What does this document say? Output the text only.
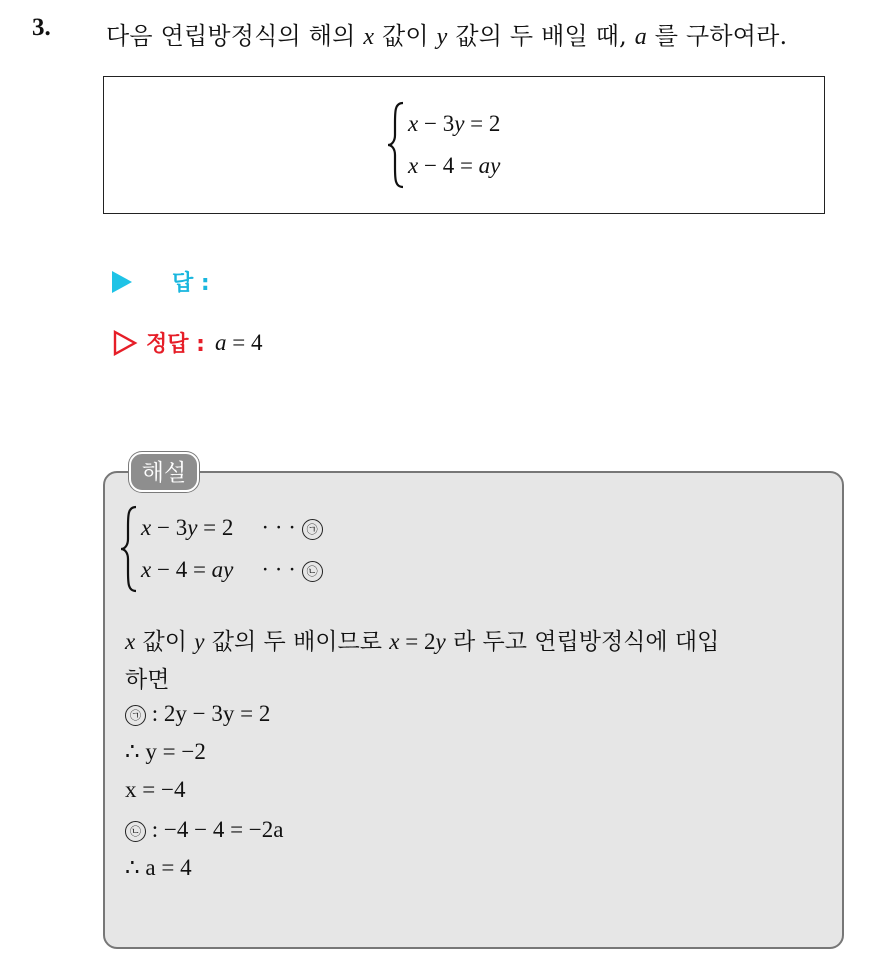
3. 다음 연립방정식의 해의 x 값이 y 값의 두 배일 때, a 를 구하여라.
x − 3y = 2
x − 4 = ay
답 :
정답 : a = 4
해설
x − 3y = 2 · · · ㉠
x − 4 = ay · · · ㉡
x 값이 y 값의 두 배이므로 x = 2y 라 두고 연립방정식에 대입
하면
㉠ : 2y − 3y = 2
∴ y = −2
x = −4
㉡ : −4 − 4 = −2a
∴ a = 4
